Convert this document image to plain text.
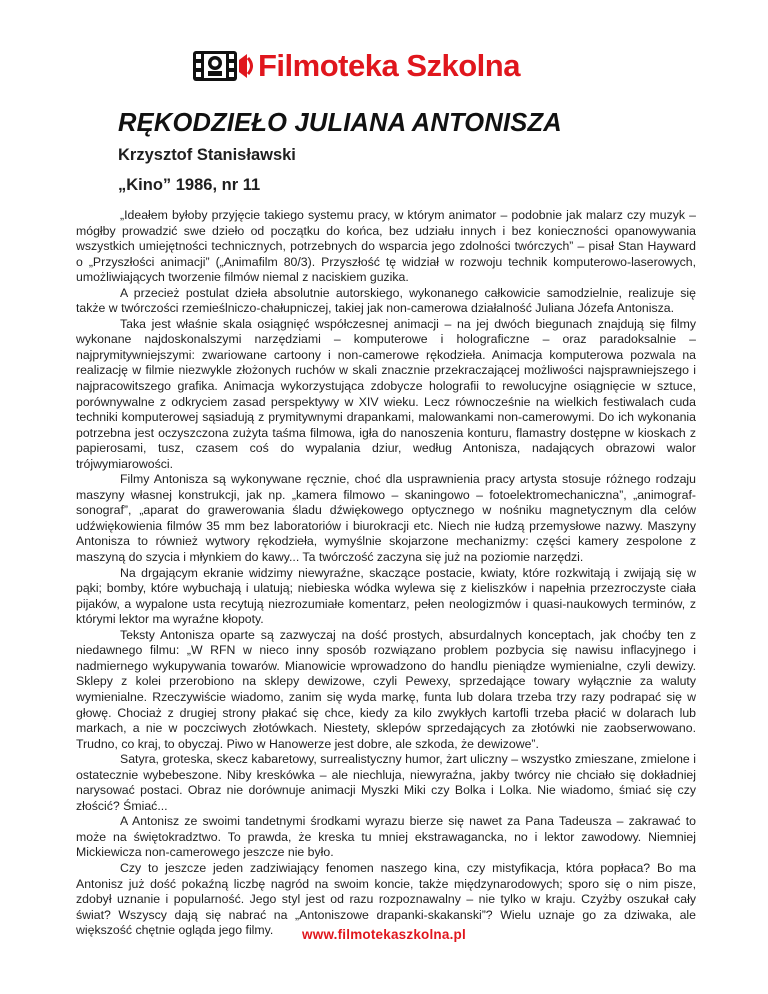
Filmoteka Szkolna
RĘKODZIEŁO JULIANA ANTONISZA

Krzysztof Stanisławski

„Kino” 1986, nr 11

„Ideałem byłoby przyjęcie takiego systemu pracy, w którym animator – podobnie jak malarz czy muzyk – mógłby prowadzić swe dzieło od początku do końca, bez udziału innych i bez konieczności opanowywania wszystkich umiejętności technicznych, potrzebnych do wsparcia jego zdolności twórczych” – pisał Stan Hayward o „Przyszłości animacji” („Animafilm 80/3). Przyszłość tę widział w rozwoju technik komputerowo-laserowych, umożliwiających tworzenie filmów niemal z naciskiem guzika.

A przecież postulat dzieła absolutnie autorskiego, wykonanego całkowicie samodzielnie, realizuje się także w twórczości rzemieślniczo-chałupniczej, takiej jak non-camerowa działalność Juliana Józefa Antonisza.

Taka jest właśnie skala osiągnięć współczesnej animacji – na jej dwóch biegunach znajdują się filmy wykonane najdoskonalszymi narzędziami – komputerowe i holograficzne – oraz paradoksalnie – najprymitywniejszymi: zwariowane cartoony i non-camerowe rękodzieła. Animacja komputerowa pozwala na realizację w filmie niezwykle złożonych ruchów w skali znacznie przekraczającej możliwości najsprawniejszego i najpracowitszego grafika. Animacja wykorzystująca zdobycze holografii to rewolucyjne osiągnięcie w sztuce, porównywalne z odkryciem zasad perspektywy w XIV wieku. Lecz równocześnie na wielkich festiwalach cuda techniki komputerowej sąsiadują z prymitywnymi drapankami, malowankami non-camerowymi. Do ich wykonania potrzebna jest oczyszczona zużyta taśma filmowa, igła do nanoszenia konturu, flamastry dostępne w kioskach z papierosami, tusz, czasem coś do wypalania dziur, według Antonisza, nadających obrazowi walor trójwymiarowości.

Filmy Antonisza są wykonywane ręcznie, choć dla usprawnienia pracy artysta stosuje różnego rodzaju maszyny własnej konstrukcji, jak np. „kamera filmowo – skaningowo – fotoelektromechaniczna”, „animograf-sonograf”, „aparat do grawerowania śladu dźwiękowego optycznego w nośniku magnetycznym dla celów udźwiękowienia filmów 35 mm bez laboratoriów i biurokracji etc. Niech nie łudzą przemysłowe nazwy. Maszyny Antonisza to również wytwory rękodzieła, wymyślnie skojarzone mechanizmy: części kamery zespolone z maszyną do szycia i młynkiem do kawy... Ta twórczość zaczyna się już na poziomie narzędzi.

Na drgającym ekranie widzimy niewyraźne, skaczące postacie, kwiaty, które rozkwitają i zwijają się w pąki; bomby, które wybuchają i ulatują; niebieska wódka wylewa się z kieliszków i napełnia przezroczyste ciała pijaków, a wypalone usta recytują niezrozumiałe komentarz, pełen neologizmów i quasi-naukowych terminów, z którymi lektor ma wyraźne kłopoty.

Teksty Antonisza oparte są zazwyczaj na dość prostych, absurdalnych konceptach, jak choćby ten z niedawnego filmu: „W RFN w nieco inny sposób rozwiązano problem pozbycia się nawisu inflacyjnego i nadmiernego wykupywania towarów. Mianowicie wprowadzono do handlu pieniądze wymienialne, czyli dewizy. Sklepy z kolei przerobiono na sklepy dewizowe, czyli Pewexy, sprzedające towary wyłącznie za waluty wymienialne. Rzeczywiście wiadomo, zanim się wyda markę, funta lub dolara trzeba trzy razy podrapać się w głowę. Chociaż z drugiej strony płakać się chce, kiedy za kilo zwykłych kartofli trzeba płacić w dolarach lub markach, a nie w poczciwych złotówkach. Niestety, sklepów sprzedających za złotówki nie zaobserwowano. Trudno, co kraj, to obyczaj. Piwo w Hanowerze jest dobre, ale szkoda, że dewizowe”.

Satyra, groteska, skecz kabaretowy, surrealistyczny humor, żart uliczny – wszystko zmieszane, zmielone i ostatecznie wybebeszone. Niby kreskówka – ale niechluja, niewyraźna, jakby twórcy nie chciało się dokładniej narysować postaci. Obraz nie dorównuje animacji Myszki Miki czy Bolka i Lolka. Nie wiadomo, śmiać się czy złościć? Śmiać...

A Antonisz ze swoimi tandetnymi środkami wyrazu bierze się nawet za Pana Tadeusza – zakrawać to może na świętokradztwo. To prawda, że kreska tu mniej ekstrawagancka, no i lektor zawodowy. Niemniej Mickiewicza non-camerowego jeszcze nie było.

Czy to jeszcze jeden zadziwiający fenomen naszego kina, czy mistyfikacja, która popłaca? Bo ma Antonisz już dość pokaźną liczbę nagród na swoim koncie, także międzynarodowych; sporo się o nim pisze, zdobył uznanie i popularność. Jego styl jest od razu rozpoznawalny – nie tylko w kraju. Czyżby oszukał cały świat? Wszyscy dają się nabrać na „Antoniszowe drapanki-skakanski”? Wielu uznaje go za dziwaka, ale większość chętnie ogląda jego filmy.	www.filmotekaszkolna.pl
